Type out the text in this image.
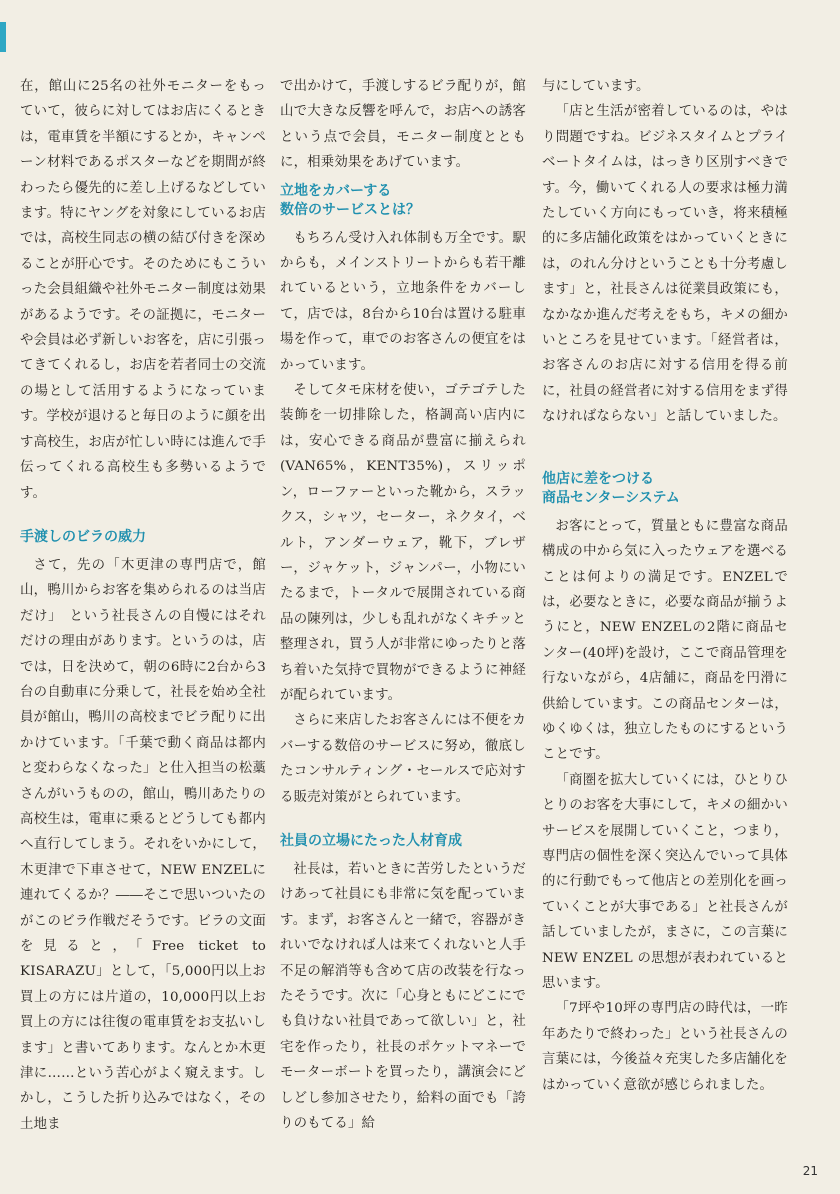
在，館山に25名の社外モニターをもっていて，彼らに対してはお店にくるときは，電車賃を半額にするとか，キャンペーン材料であるポスターなどを期間が終わったら優先的に差し上げるなどしています。特にヤングを対象にしているお店では，高校生同志の横の結び付きを深めることが肝心です。そのためにもこういった会員組織や社外モニター制度は効果があるようです。その証拠に，モニターや会員は必ず新しいお客を，店に引張ってきてくれるし，お店を若者同士の交流の場として活用するようになっています。学校が退けると毎日のように顔を出す高校生，お店が忙しい時には進んで手伝ってくれる高校生も多勢いるようです。

手渡しのビラの威力

さて，先の「木更津の専門店で，館山，鴨川からお客を集められるのは当店だけ」　という社長さんの自慢にはそれだけの理由があります。というのは，店では，日を決めて，朝の6時に2台から3台の自動車に分乗して，社長を始め全社員が館山，鴨川の高校までビラ配りに出かけています。「千葉で動く商品は都内と変わらなくなった」と仕入担当の松藁さんがいうものの，館山，鴨川あたりの高校生は，電車に乗るとどうしても都内へ直行してしまう。それをいかにして，木更津で下車させて，NEW ENZELに連れてくるか？――そこで思いついたのがこのビラ作戦だそうです。ビラの文面を見ると，「Free ticket to　KISARAZU」として，「5,000円以上お買上の方には片道の，10,000円以上お買上の方には往復の電車賃をお支払いします」と書いてあります。なんとか木更津に……という苦心がよく窺えます。しかし，こうした折り込みではなく，その土地ま

で出かけて，手渡しするビラ配りが，館山で大きな反響を呼んで，お店への誘客という点で会員，モニター制度とともに，相乗効果をあげています。

立地をカバーする
数倍のサービスとは？

もちろん受け入れ体制も万全です。駅からも，メインストリートからも若干離れているという，立地条件をカバーして，店では，8台から10台は置ける駐車場を作って，車でのお客さんの便宜をはかっています。

そしてタモ床材を使い，ゴテゴテした装飾を一切排除した，格調高い店内には，安心できる商品が豊富に揃えられ(VAN65%，KENT35%)，スリッポン，ローファーといった靴から，スラックス，シャツ，セーター，ネクタイ，ベルト，アンダーウェア，靴下，ブレザー，ジャケット，ジャンパー，小物にいたるまで，トータルで展開されている商品の陳列は，少しも乱れがなくキチッと整理され，買う人が非常にゆったりと落ち着いた気持で買物ができるように神経が配られています。

さらに来店したお客さんには不便をカバーする数倍のサービスに努め，徹底したコンサルティング・セールスで応対する販売対策がとられています。

社員の立場にたった人材育成

社長は，若いときに苦労したというだけあって社員にも非常に気を配っています。まず，お客さんと一緒で，容器がきれいでなければ人は来てくれないと人手不足の解消等も含めて店の改装を行なったそうです。次に「心身ともにどこにでも負けない社員であって欲しい」と，社宅を作ったり，社長のポケットマネーでモーターボートを買ったり，講演会にどしどし参加させたり，給料の面でも「誇りのもてる」給

与にしています。

「店と生活が密着しているのは，やはり問題ですね。ビジネスタイムとプライベートタイムは，はっきり区別すべきです。今，働いてくれる人の要求は極力満たしていく方向にもっていき，将来積極的に多店舗化政策をはかっていくときには，のれん分けということも十分考慮します」と，社長さんは従業員政策にも，なかなか進んだ考えをもち，キメの細かいところを見せています。「経営者は，お客さんのお店に対する信用を得る前に，社員の経営者に対する信用をまず得なければならない」と話していました。

他店に差をつける
商品センターシステム

お客にとって，質量ともに豊富な商品構成の中から気に入ったウェアを選べることは何よりの満足です。ENZELでは，必要なときに，必要な商品が揃うようにと，NEW ENZELの2階に商品センター(40坪)を設け，ここで商品管理を行ないながら，4店舗に，商品を円滑に供給しています。この商品センターは，ゆくゆくは，独立したものにするということです。

「商圏を拡大していくには，ひとりひとりのお客を大事にして，キメの細かいサービスを展開していくこと，つまり，専門店の個性を深く突込んでいって具体的に行動でもって他店との差別化を画っていくことが大事である」と社長さんが話していましたが，まさに，この言葉にNEW ENZEL の思想が表われていると思います。

「7坪や10坪の専門店の時代は，一昨年あたりで終わった」という社長さんの言葉には，今後益々充実した多店舗化をはかっていく意欲が感じられました。

21
